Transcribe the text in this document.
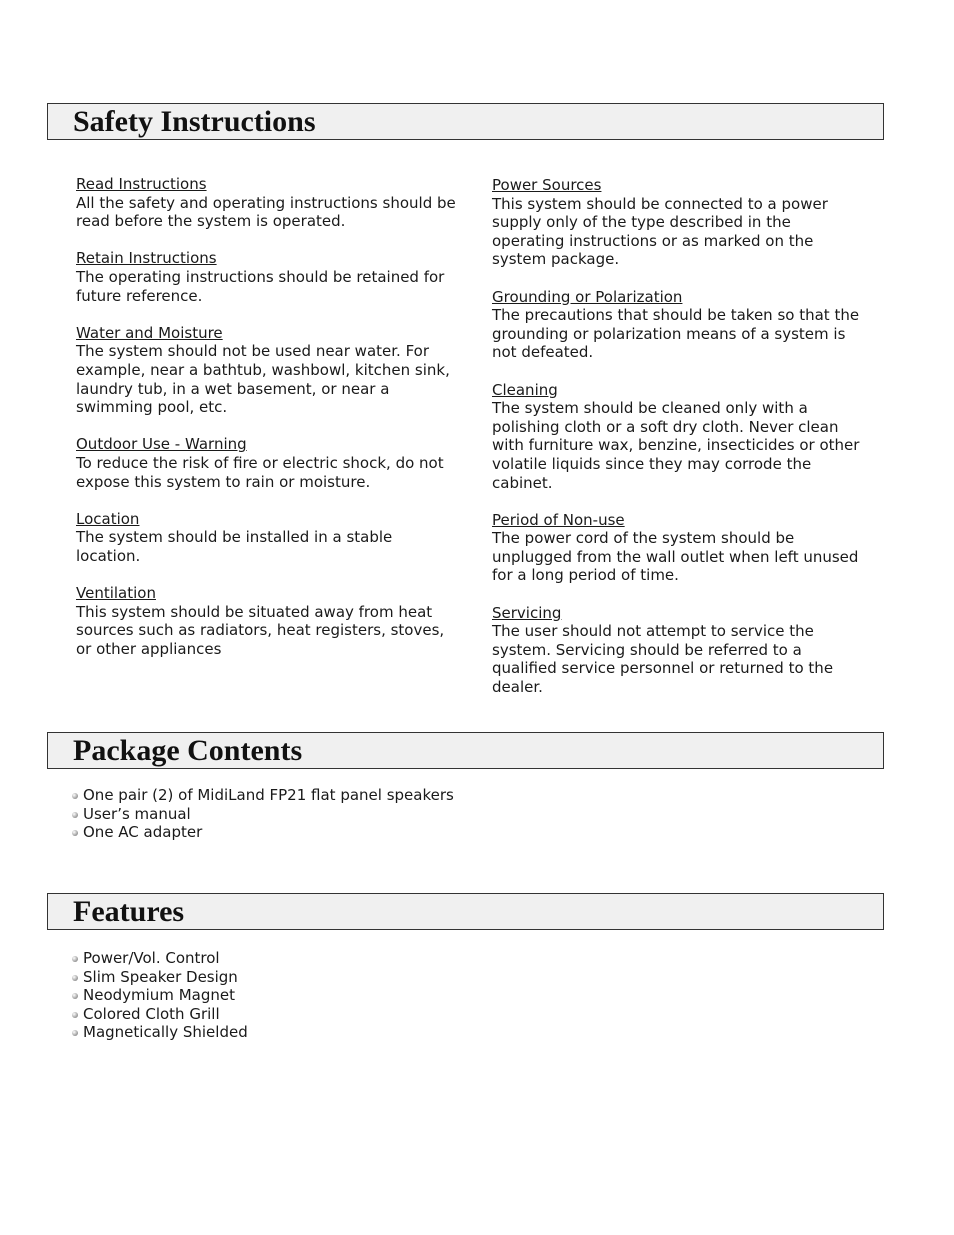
Safety Instructions
Read Instructions
All the safety and operating instructions should be read before the system is operated.
Retain Instructions
The operating instructions should be retained for future reference.
Water and Moisture
The system should not be used near water. For example, near a bathtub, washbowl, kitchen sink, laundry tub, in a wet basement, or near a swimming pool, etc.
Outdoor Use - Warning
To reduce the risk of fire or electric shock, do not expose this system to rain or moisture.
Location
The system should be installed in a stable location.
Ventilation
This system should be situated away from heat sources such as radiators, heat registers, stoves, or other appliances
Power Sources
This system should be connected to a power supply only of the type described in the operating instructions or as marked on the system package.
Grounding or Polarization
The precautions that should be taken so that the grounding or polarization means of a system is not defeated.
Cleaning
The system should be cleaned only with a polishing cloth or a soft dry cloth. Never clean with furniture wax, benzine, insecticides or other volatile liquids since they may corrode the cabinet.
Period of Non-use
The power cord of the system should be unplugged from the wall outlet when left unused for a long period of time.
Servicing
The user should not attempt to service the system. Servicing should be referred to a qualified service personnel or returned to the dealer.
Package Contents
One pair (2) of MidiLand FP21 flat panel speakers
User’s manual
One AC adapter
Features
Power/Vol. Control
Slim Speaker Design
Neodymium Magnet
Colored Cloth Grill
Magnetically Shielded
